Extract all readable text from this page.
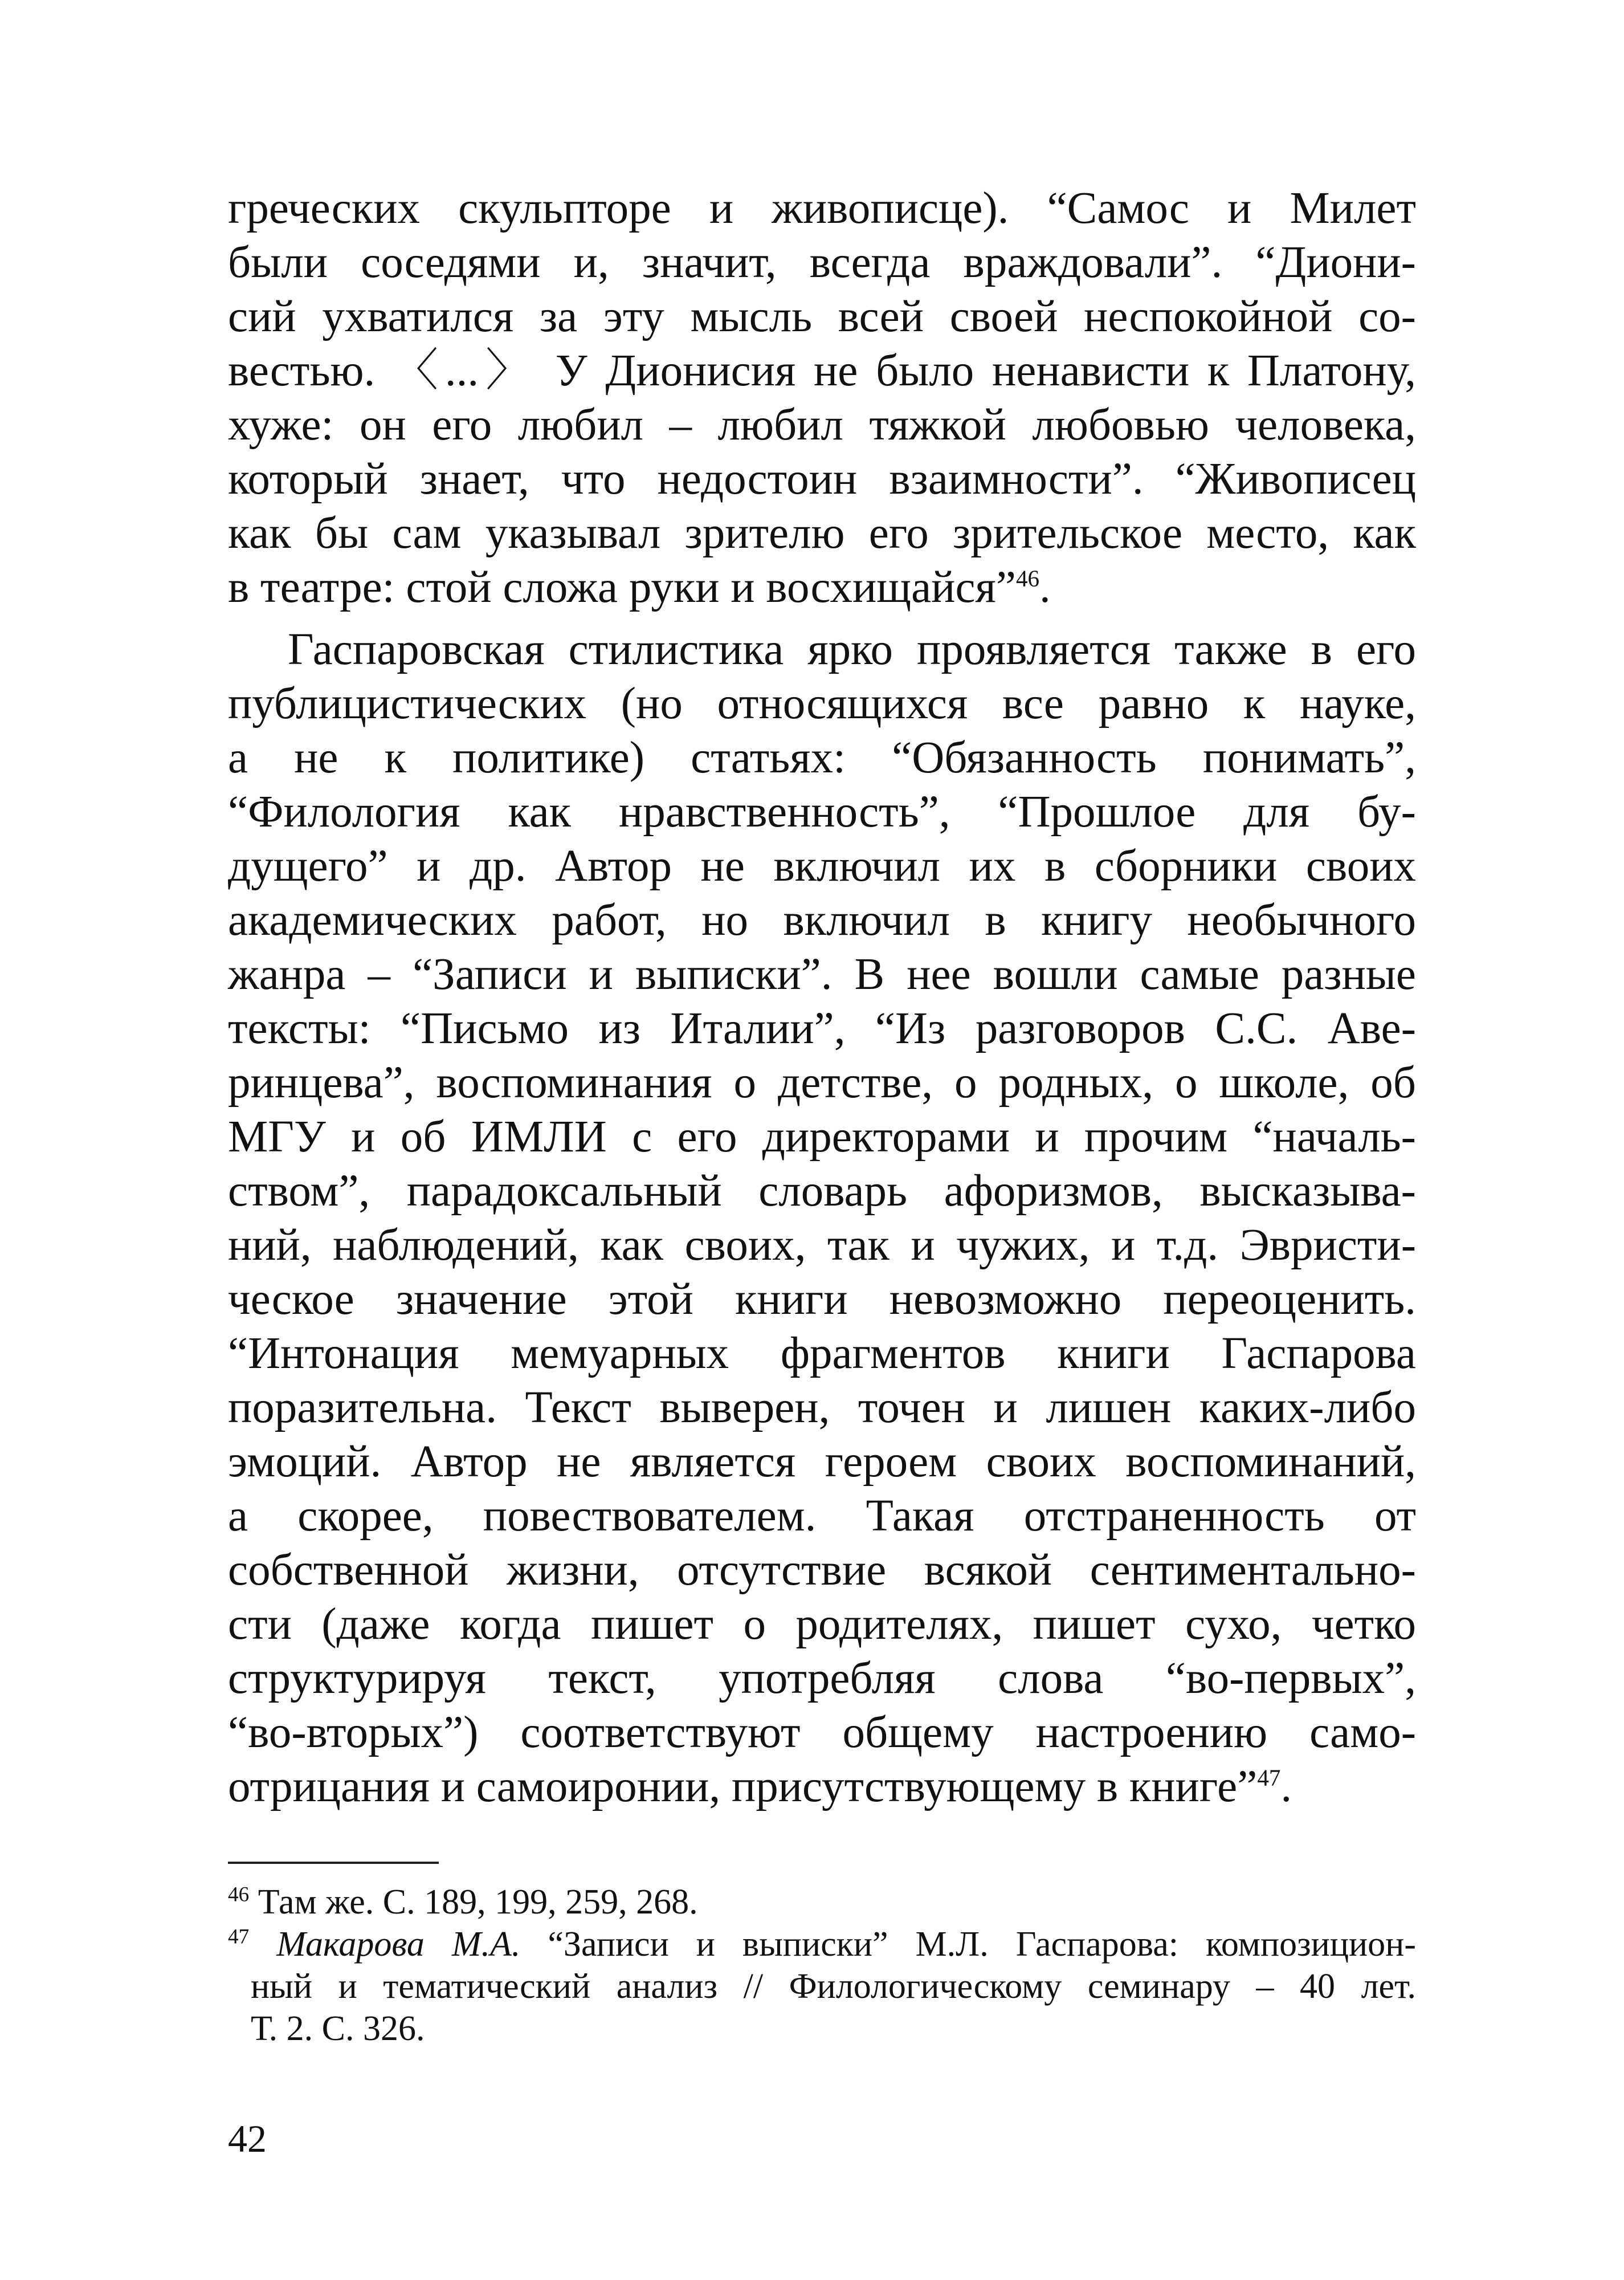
греческих скульпторе и живописце). “Самос и Милет
были соседями и, значит, всегда враждовали”. “Диони-
сий ухватился за эту мысль всей своей неспокойной со-
вестью. 〈...〉 У Дионисия не было ненависти к Платону,
хуже: он его любил – любил тяжкой любовью человека,
который знает, что недостоин взаимности”. “Живописец
как бы сам указывал зрителю его зрительское место, как
в театре: стой сложа руки и восхищайся”$^{46}$.
Гаспаровская стилистика ярко проявляется также в его
публицистических (но относящихся все равно к науке,
а не к политике) статьях: “Обязанность понимать”,
“Филология как нравственность”, “Прошлое для бу-
дущего” и др. Автор не включил их в сборники своих
академических работ, но включил в книгу необычного
жанра – “Записи и выписки”. В нее вошли самые разные
тексты: “Письмо из Италии”, “Из разговоров С.С. Аве-
ринцева”, воспоминания о детстве, о родных, о школе, об
МГУ и об ИМЛИ с его директорами и прочим “началь-
ством”, парадоксальный словарь афоризмов, высказыва-
ний, наблюдений, как своих, так и чужих, и т.д. Эвристи-
ческое значение этой книги невозможно переоценить.
“Интонация мемуарных фрагментов книги Гаспарова
поразительна. Текст выверен, точен и лишен каких-либо
эмоций. Автор не является героем своих воспоминаний,
а скорее, повествователем. Такая отстраненность от
собственной жизни, отсутствие всякой сентиментально-
сти (даже когда пишет о родителях, пишет сухо, четко
структурируя текст, употребляя слова “во-первых”,
“во-вторых”) соответствуют общему настроению само-
отрицания и самоиронии, присутствующему в книге”$^{47}$.
$^{46}$ Там же. С. 189, 199, 259, 268.
$^{47}$ Макарова М.А. “Записи и выписки” М.Л. Гаспарова: композицион-
ный и тематический анализ // Филологическому семинару – 40 лет.
Т. 2. С. 326.
42
